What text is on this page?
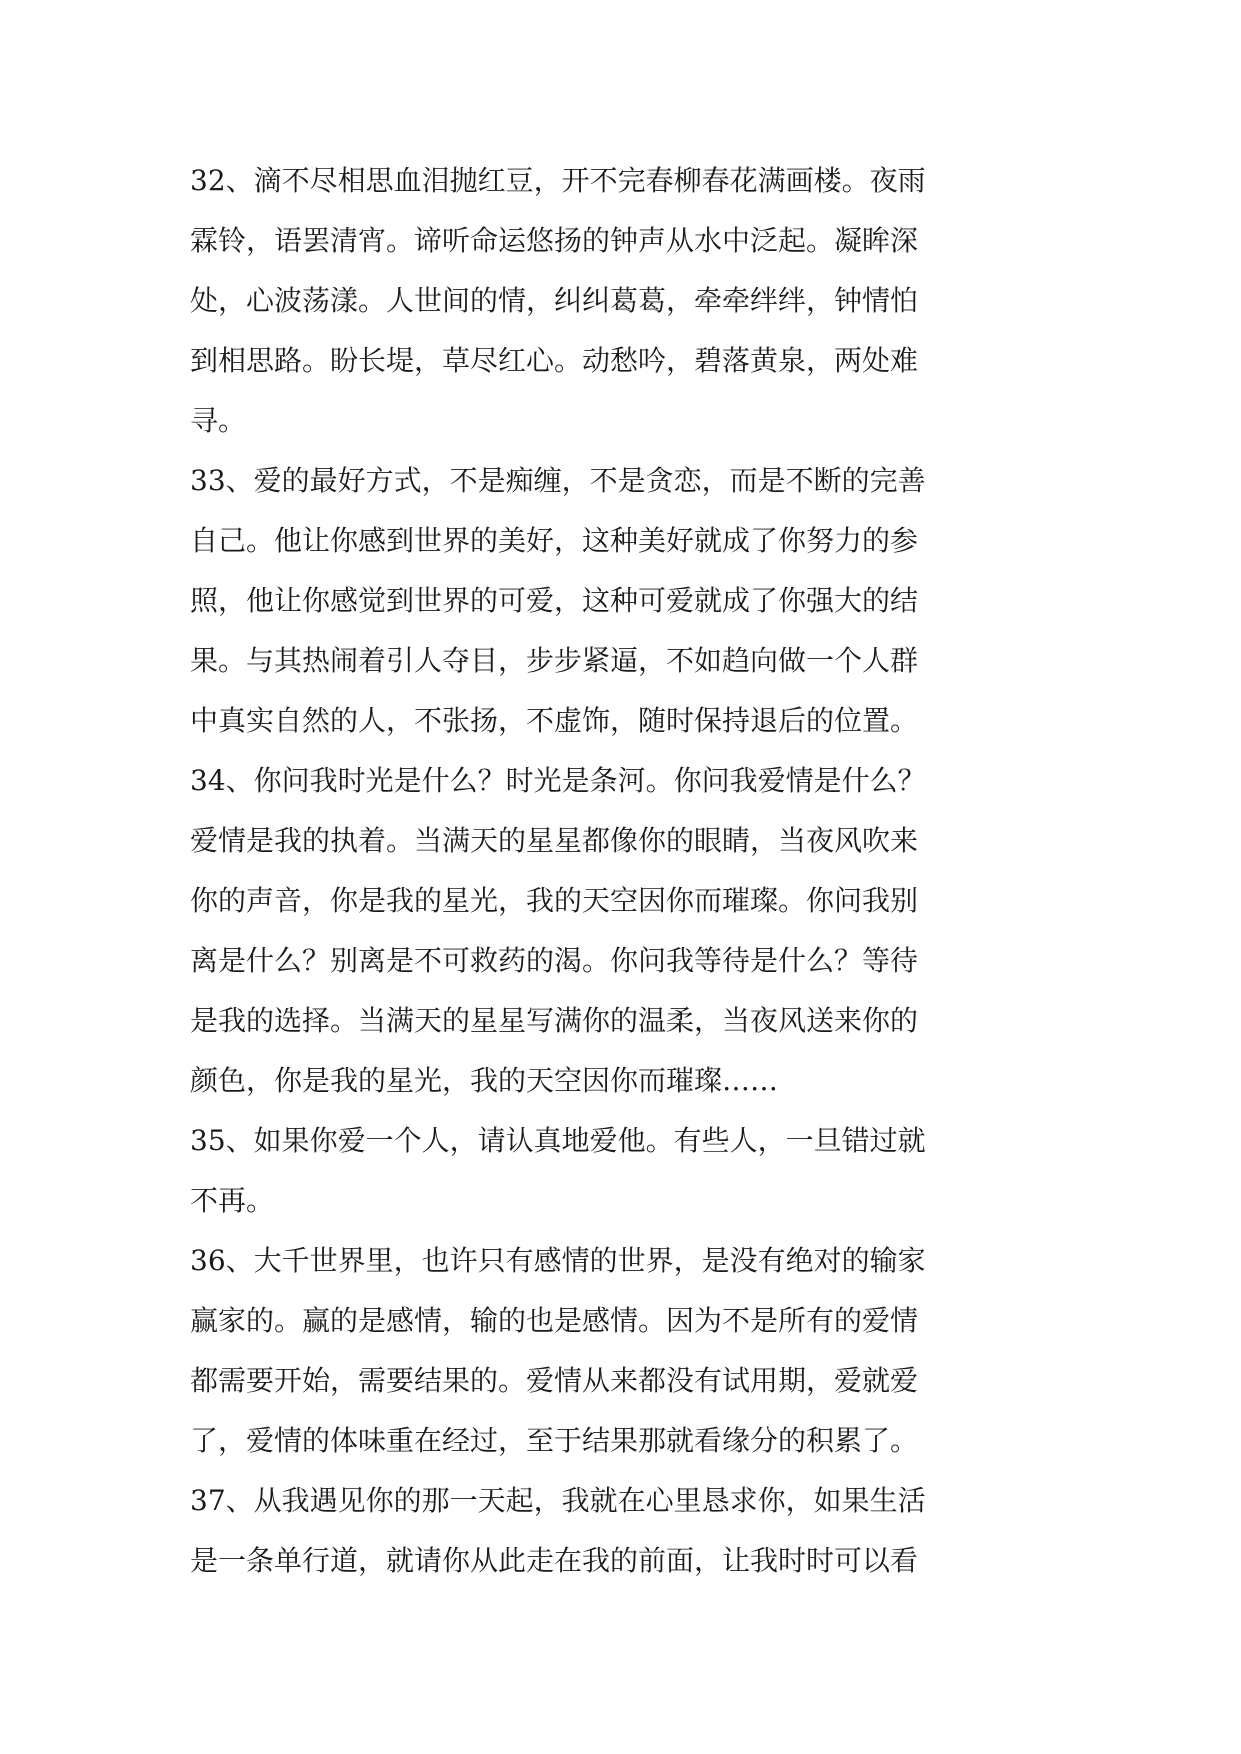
32、滴不尽相思血泪抛红豆，开不完春柳春花满画楼。夜雨
霖铃，语罢清宵。谛听命运悠扬的钟声从水中泛起。凝眸深
处，心波荡漾。人世间的情，纠纠葛葛，牵牵绊绊，钟情怕
到相思路。盼长堤，草尽红心。动愁吟，碧落黄泉，两处难
寻。
33、爱的最好方式，不是痴缠，不是贪恋，而是不断的完善
自己。他让你感到世界的美好，这种美好就成了你努力的参
照，他让你感觉到世界的可爱，这种可爱就成了你强大的结
果。与其热闹着引人夺目，步步紧逼，不如趋向做一个人群
中真实自然的人，不张扬，不虚饰，随时保持退后的位置。
34、你问我时光是什么？时光是条河。你问我爱情是什么？
爱情是我的执着。当满天的星星都像你的眼睛，当夜风吹来
你的声音，你是我的星光，我的天空因你而璀璨。你问我别
离是什么？别离是不可救药的渴。你问我等待是什么？等待
是我的选择。当满天的星星写满你的温柔，当夜风送来你的
颜色，你是我的星光，我的天空因你而璀璨……
35、如果你爱一个人，请认真地爱他。有些人，一旦错过就
不再。
36、大千世界里，也许只有感情的世界，是没有绝对的输家
赢家的。赢的是感情，输的也是感情。因为不是所有的爱情
都需要开始，需要结果的。爱情从来都没有试用期，爱就爱
了，爱情的体味重在经过，至于结果那就看缘分的积累了。
37、从我遇见你的那一天起，我就在心里恳求你，如果生活
是一条单行道，就请你从此走在我的前面，让我时时可以看
